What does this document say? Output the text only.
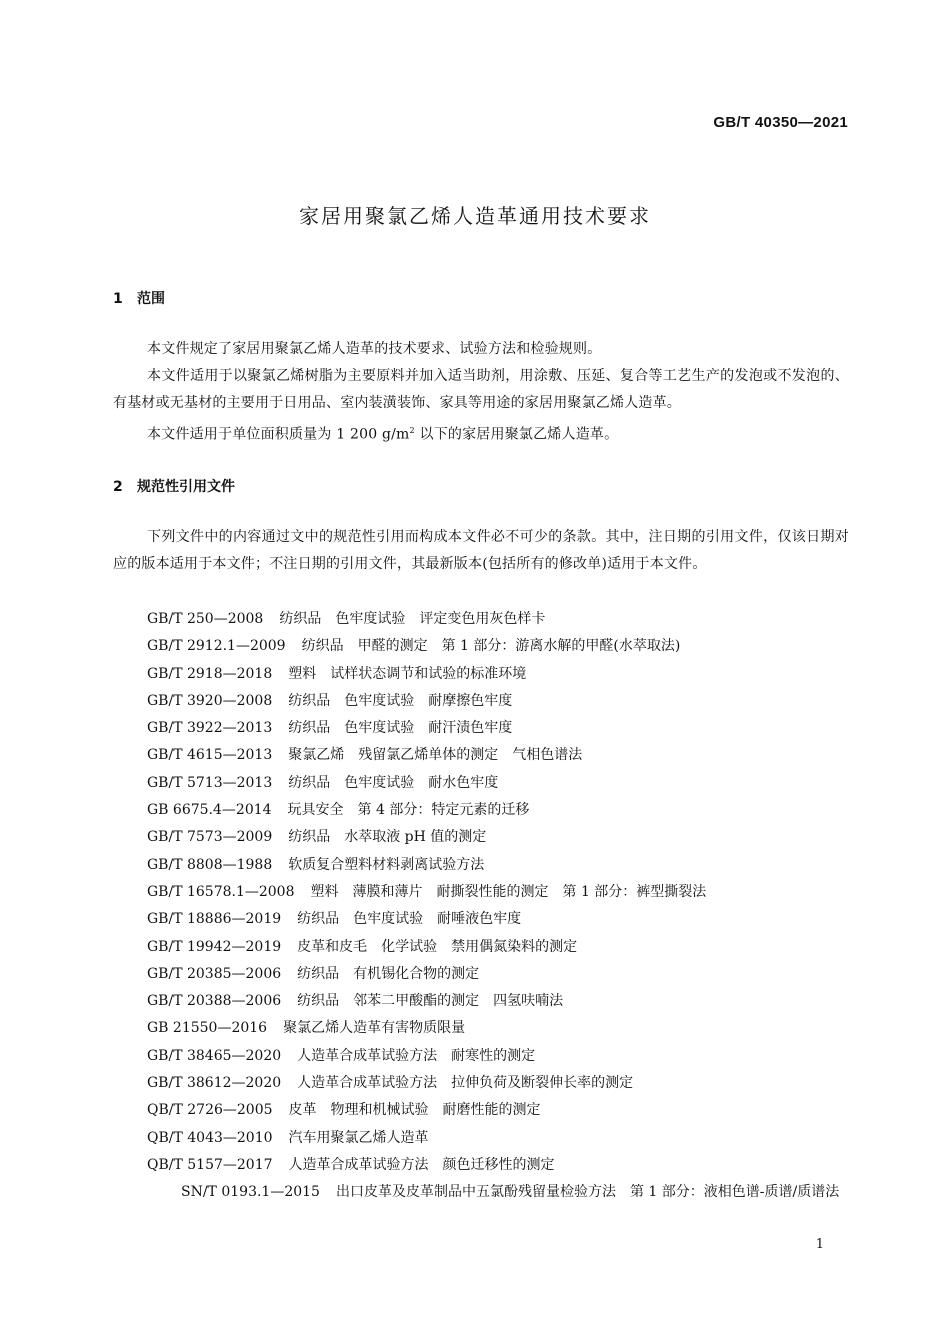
GB/T 40350—2021
家居用聚氯乙烯人造革通用技术要求
1 范围
本文件规定了家居用聚氯乙烯人造革的技术要求、试验方法和检验规则。
本文件适用于以聚氯乙烯树脂为主要原料并加入适当助剂，用涂敷、压延、复合等工艺生产的发泡或不发泡的、有基材或无基材的主要用于日用品、室内装潢装饰、家具等用途的家居用聚氯乙烯人造革。
本文件适用于单位面积质量为 1 200 $g/m^2$ 以下的家居用聚氯乙烯人造革。
2 规范性引用文件
下列文件中的内容通过文中的规范性引用而构成本文件必不可少的条款。其中，注日期的引用文件，仅该日期对应的版本适用于本文件；不注日期的引用文件，其最新版本(包括所有的修改单)适用于本文件。
GB/T 250—2008 纺织品　色牢度试验　评定变色用灰色样卡
GB/T 2912.1—2009 纺织品　甲醛的测定　第 1 部分：游离水解的甲醛(水萃取法)
GB/T 2918—2018 塑料　试样状态调节和试验的标准环境
GB/T 3920—2008 纺织品　色牢度试验　耐摩擦色牢度
GB/T 3922—2013 纺织品　色牢度试验　耐汗渍色牢度
GB/T 4615—2013 聚氯乙烯　残留氯乙烯单体的测定　气相色谱法
GB/T 5713—2013 纺织品　色牢度试验　耐水色牢度
GB 6675.4—2014 玩具安全　第 4 部分：特定元素的迁移
GB/T 7573—2009 纺织品　水萃取液 pH 值的测定
GB/T 8808—1988 软质复合塑料材料剥离试验方法
GB/T 16578.1—2008 塑料　薄膜和薄片　耐撕裂性能的测定　第 1 部分：裤型撕裂法
GB/T 18886—2019 纺织品　色牢度试验　耐唾液色牢度
GB/T 19942—2019 皮革和皮毛　化学试验　禁用偶氮染料的测定
GB/T 20385—2006 纺织品　有机锡化合物的测定
GB/T 20388—2006 纺织品　邻苯二甲酸酯的测定　四氢呋喃法
GB 21550—2016 聚氯乙烯人造革有害物质限量
GB/T 38465—2020 人造革合成革试验方法　耐寒性的测定
GB/T 38612—2020 人造革合成革试验方法　拉伸负荷及断裂伸长率的测定
QB/T 2726—2005 皮革　物理和机械试验　耐磨性能的测定
QB/T 4043—2010 汽车用聚氯乙烯人造革
QB/T 5157—2017 人造革合成革试验方法　颜色迁移性的测定
SN/T 0193.1—2015 出口皮革及皮革制品中五氯酚残留量检验方法　第 1 部分：液相色谱-质谱/质谱法
1
